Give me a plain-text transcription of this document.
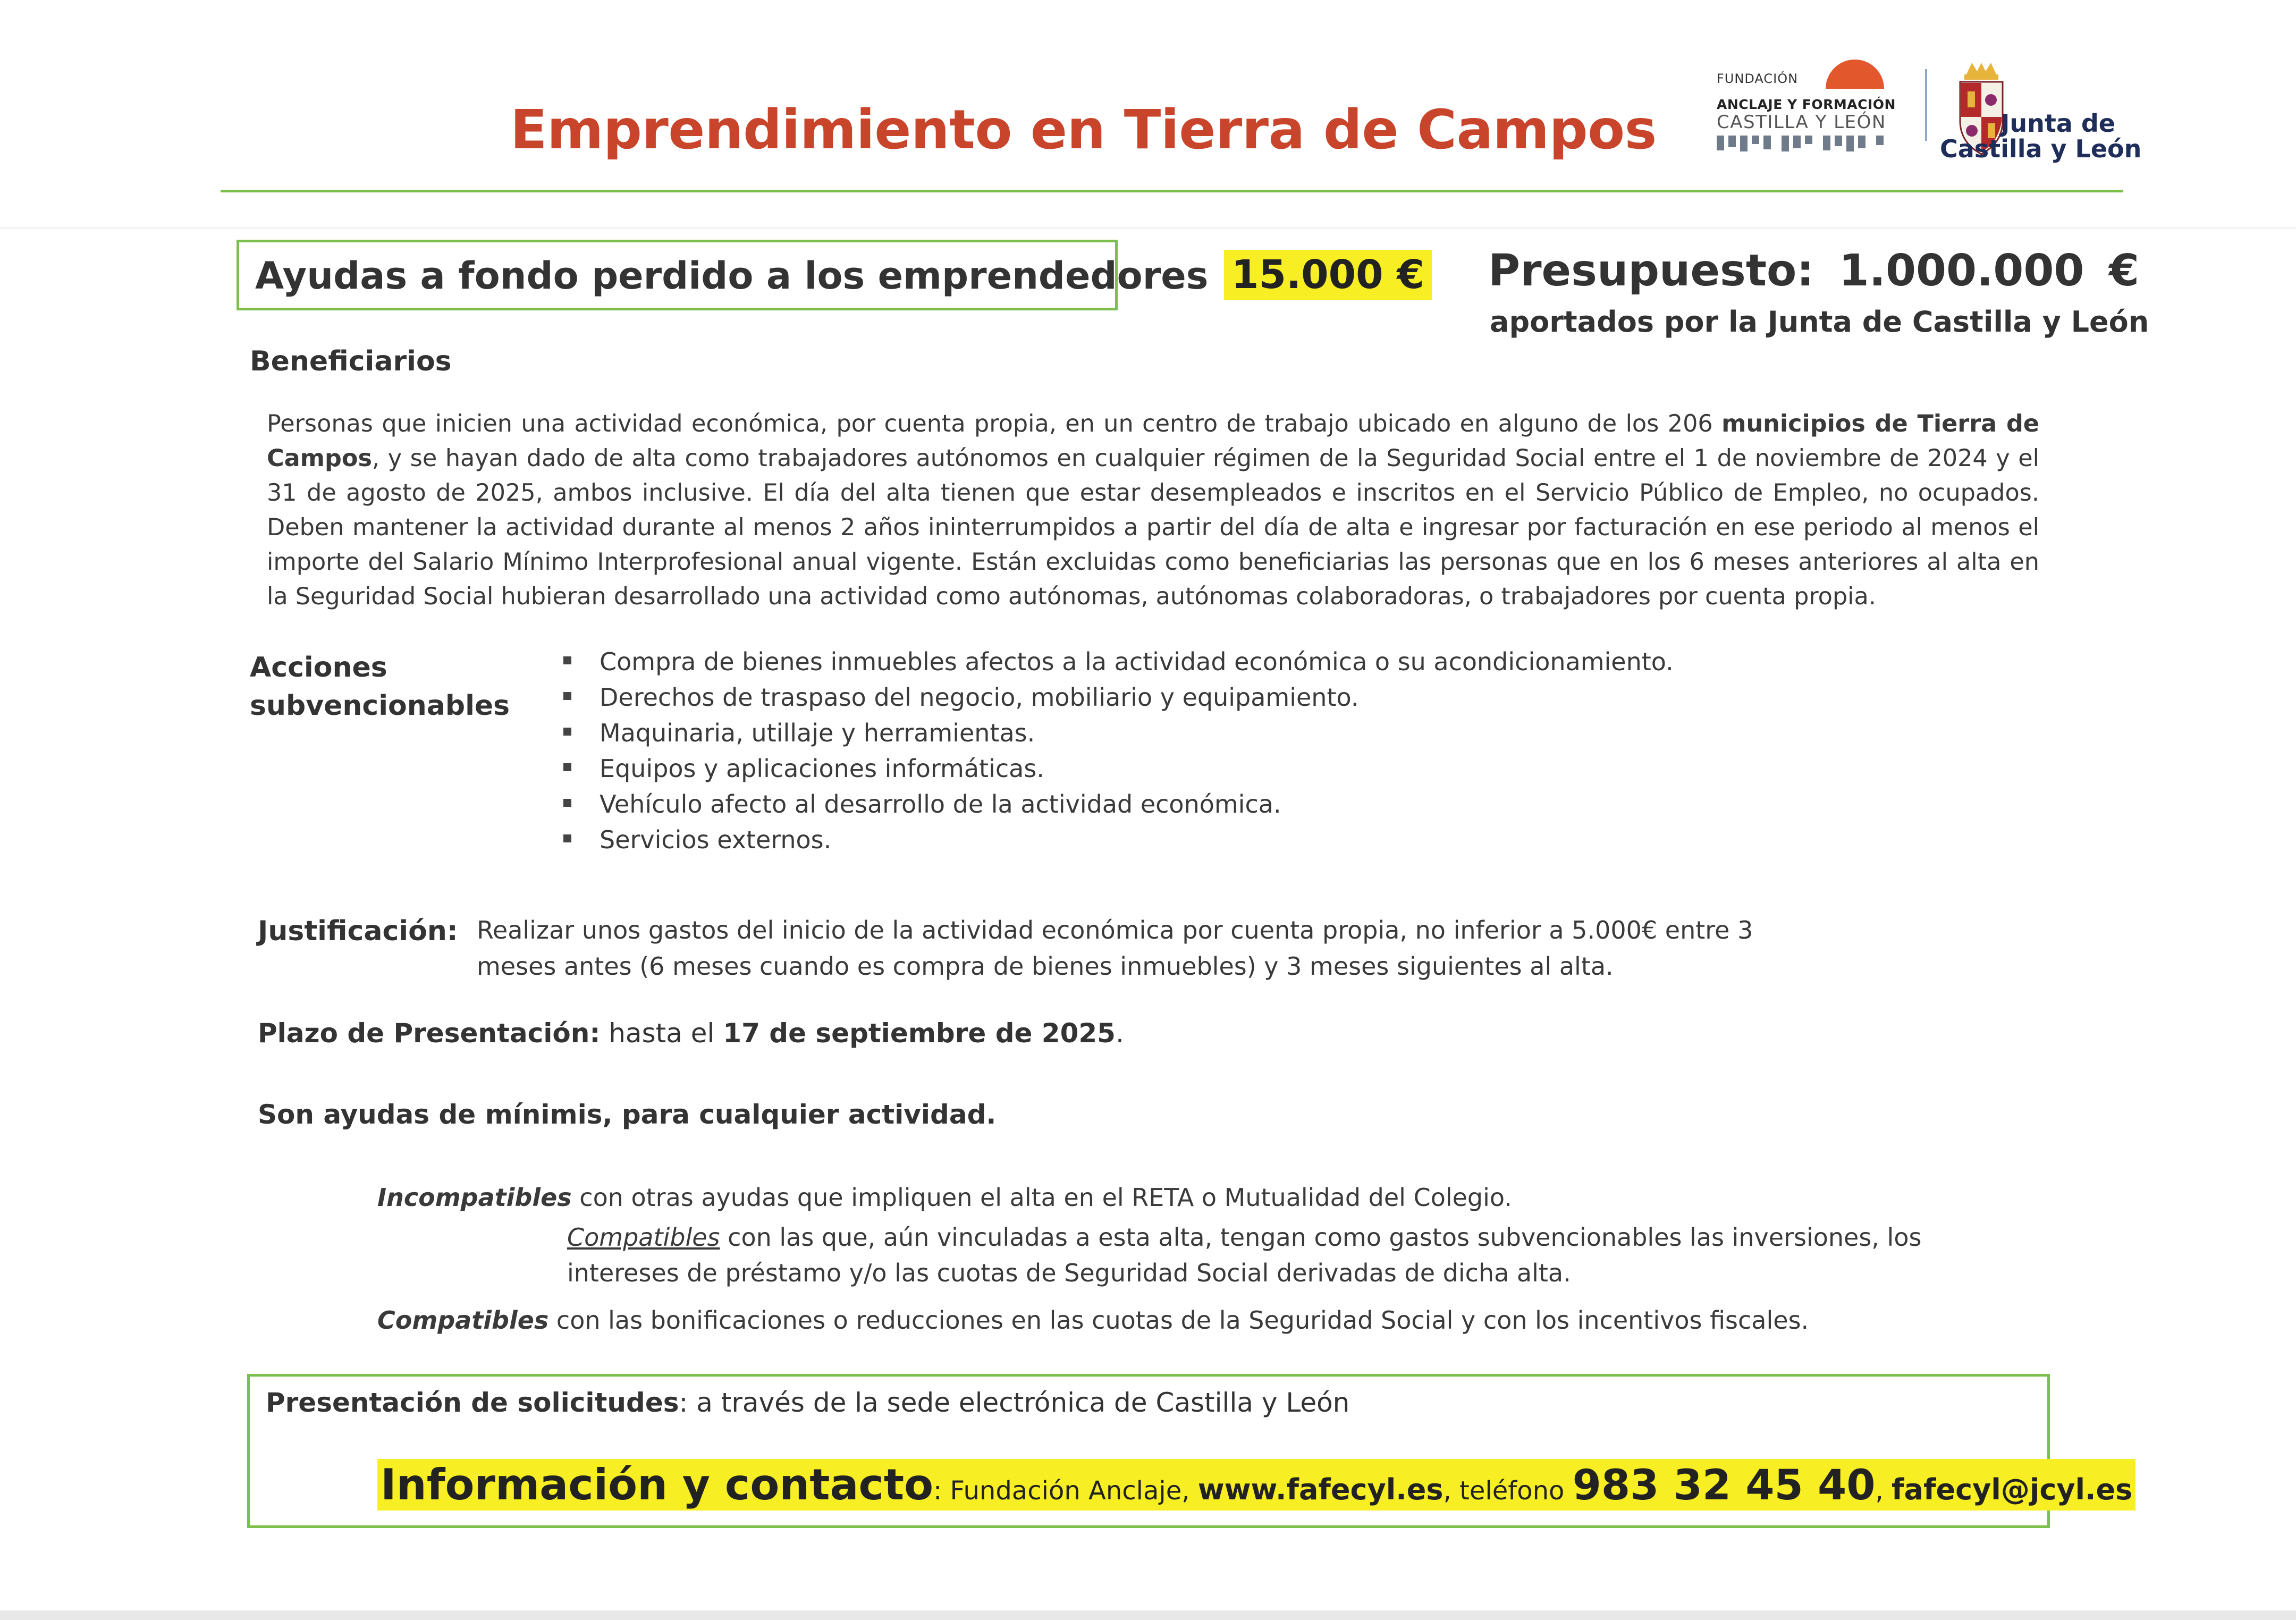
Emprendimiento en Tierra de Campos
FUNDACIÓN
ANCLAJE Y FORMACIÓN
CASTILLA Y LEÓN	Junta de
Castilla y León
Ayudas a fondo perdido a los emprendedores 15.000 € Presupuesto: 1.000.000 €
aportados por la Junta de Castilla y León
Beneficiarios
Personas que inicien una actividad económica, por cuenta propia, en un centro de trabajo ubicado en alguno de los 206 municipios de Tierra de Campos, y se hayan dado de alta como trabajadores autónomos en cualquier régimen de la Seguridad Social entre el 1 de noviembre de 2024 y el 31 de agosto de 2025, ambos inclusive. El día del alta tienen que estar desempleados e inscritos en el Servicio Público de Empleo, no ocupados. Deben mantener la actividad durante al menos 2 años ininterrumpidos a partir del día de alta e ingresar por facturación en ese periodo al menos el importe del Salario Mínimo Interprofesional anual vigente. Están excluidas como beneficiarias las personas que en los 6 meses anteriores al alta en la Seguridad Social hubieran desarrollado una actividad como autónomas, autónomas colaboradoras, o trabajadores por cuenta propia.
Acciones
subvencionables
Compra de bienes inmuebles afectos a la actividad económica o su acondicionamiento.
Derechos de traspaso del negocio, mobiliario y equipamiento.
Maquinaria, utillaje y herramientas.
Equipos y aplicaciones informáticas.
Vehículo afecto al desarrollo de la actividad económica.
Servicios externos.
Justificación: Realizar unos gastos del inicio de la actividad económica por cuenta propia, no inferior a 5.000€ entre 3 meses antes (6 meses cuando es compra de bienes inmuebles) y 3 meses siguientes al alta.
Plazo de Presentación: hasta el 17 de septiembre de 2025.
Son ayudas de mínimis, para cualquier actividad.
Incompatibles con otras ayudas que impliquen el alta en el RETA o Mutualidad del Colegio.
Compatibles con las que, aún vinculadas a esta alta, tengan como gastos subvencionables las inversiones, los
intereses de préstamo y/o las cuotas de Seguridad Social derivadas de dicha alta.
Compatibles con las bonificaciones o reducciones en las cuotas de la Seguridad Social y con los incentivos fiscales.
Presentación de solicitudes: a través de la sede electrónica de Castilla y León
Información y contacto: Fundación Anclaje, www.fafecyl.es, teléfono 983 32 45 40, fafecyl@jcyl.es
